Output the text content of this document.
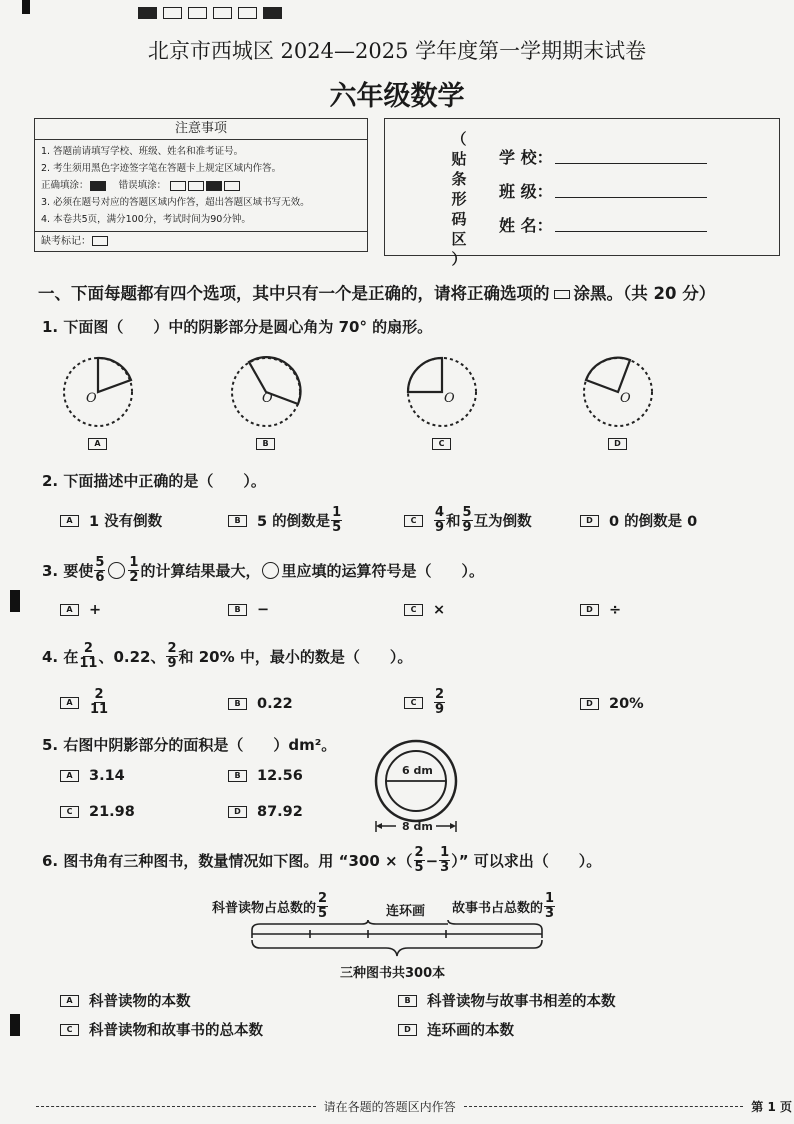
北京市西城区 2024—2025 学年度第一学期期末试卷
六年级数学
注意事项
1. 答题前请填写学校、班级、姓名和准考证号。
2. 考生须用黑色字迹签字笔在答题卡上规定区域内作答。
正确填涂：	错误填涂：
3. 必须在题号对应的答题区域内作答，超出答题区域书写无效。
4. 本卷共5页，满分100分，考试时间为90分钟。
缺考标记：
（
贴
条
形
码
区
）
学 校：
班 级：
姓 名：
一、下面每题都有四个选项，其中只有一个是正确的，请将正确选项的 涂黑。（共 20 分）
1. 下面图（　　）中的阴影部分是圆心角为 70° 的扇形。
O	O	O	O
A	B	C	D
2. 下面描述中正确的是（　　）。
A	1 没有倒数	B	5 的倒数是 $\frac{1}{5}$	C	$\frac{4}{9}$ 和 $\frac{5}{9}$ 互为倒数	D	0 的倒数是 0
3. 要使 $\frac{5}{6} \frac{1}{2}$ 的计算结果最大， 里应填的运算符号是（　　）。
A	+	B	−	C	×	D	÷
4. 在 $\frac{2}{11}$ 、0.22、 $\frac{2}{9}$ 和 20% 中，最小的数是（　　）。
A	$\frac{2}{11}$	B	0.22	C	$\frac{2}{9}$	D	20%
5. 右图中阴影部分的面积是（　　）dm²。
A	3.14	B	12.56
C	21.98	D	87.92
6 dm
8 dm
6. 图书角有三种图书，数量情况如下图。用 “300 ×（ $\frac{2}{5} - \frac{1}{3}$ ）” 可以求出（　　）。
科普读物占总数的 $\frac{2}{5}$	连环画 故事书占总数的 $\frac{1}{3}$
三种图书共300本
A	科普读物的本数	B	科普读物与故事书相差的本数
C	科普读物和故事书的总本数	D	连环画的本数
请在各题的答题区内作答	第 1 页
